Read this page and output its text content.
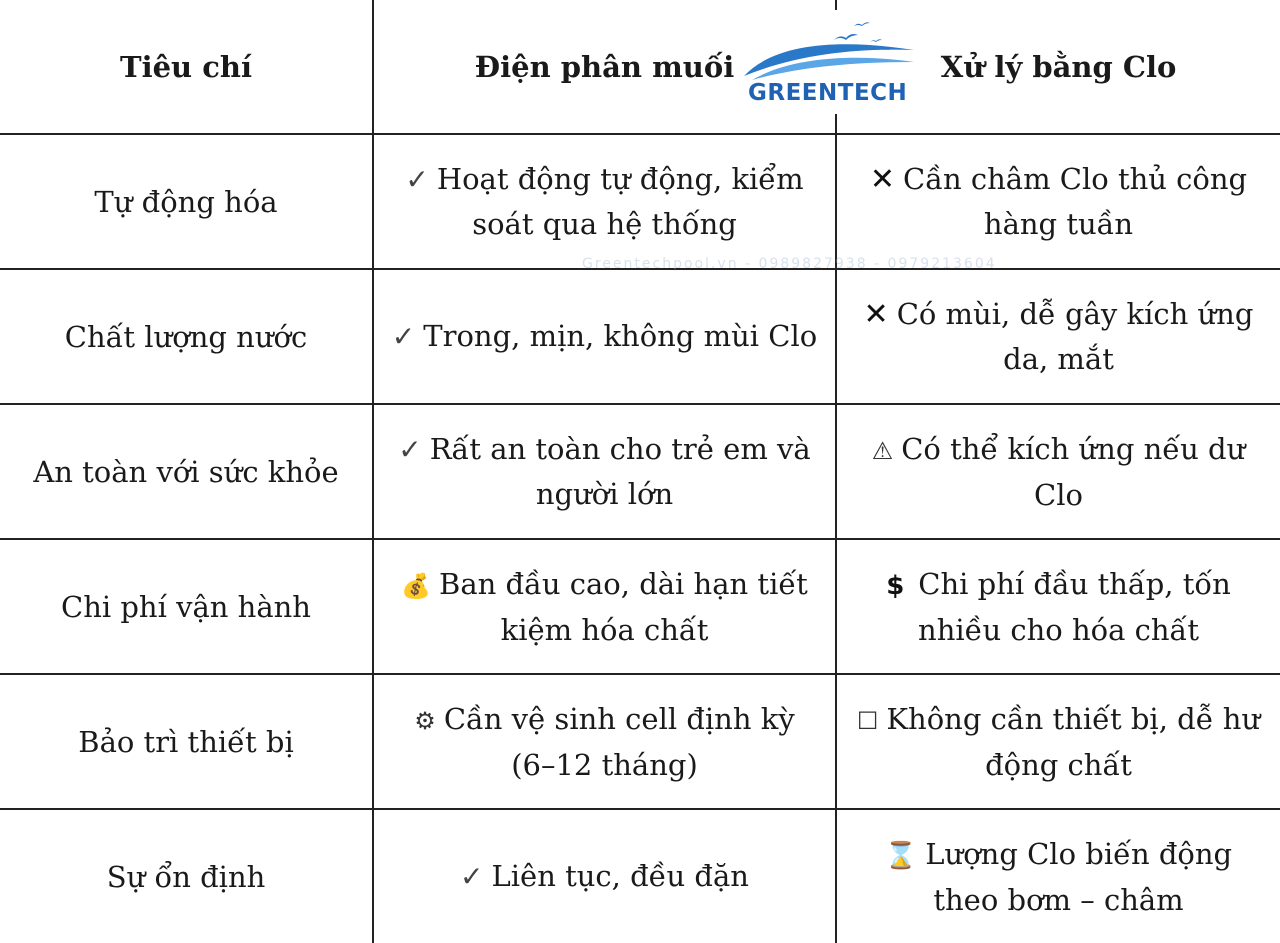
Tiêu chí	Điện phân muối	Xử lý bằng Clo
Tự động hóa	✓ Hoạt động tự động, kiểm soát qua hệ thống	✕ Cần châm Clo thủ công hàng tuần
Chất lượng nước	✓ Trong, mịn, không mùi Clo	✕ Có mùi, dễ gây kích ứng da, mắt
An toàn với sức khỏe	✓ Rất an toàn cho trẻ em và người lớn	⚠ Có thể kích ứng nếu dư Clo
Chi phí vận hành	💰 Ban đầu cao, dài hạn tiết kiệm hóa chất	$ Chi phí đầu thấp, tốn nhiều cho hóa chất
Bảo trì thiết bị	⚙ Cần vệ sinh cell định kỳ (6–12 tháng)	☐ Không cần thiết bị, dễ hư động chất
Sự ổn định	✓ Liên tục, đều đặn	⌛ Lượng Clo biến động theo bơm – châm
GREENTECH
Greentechpool.vn - 0989827938 - 0979213604
